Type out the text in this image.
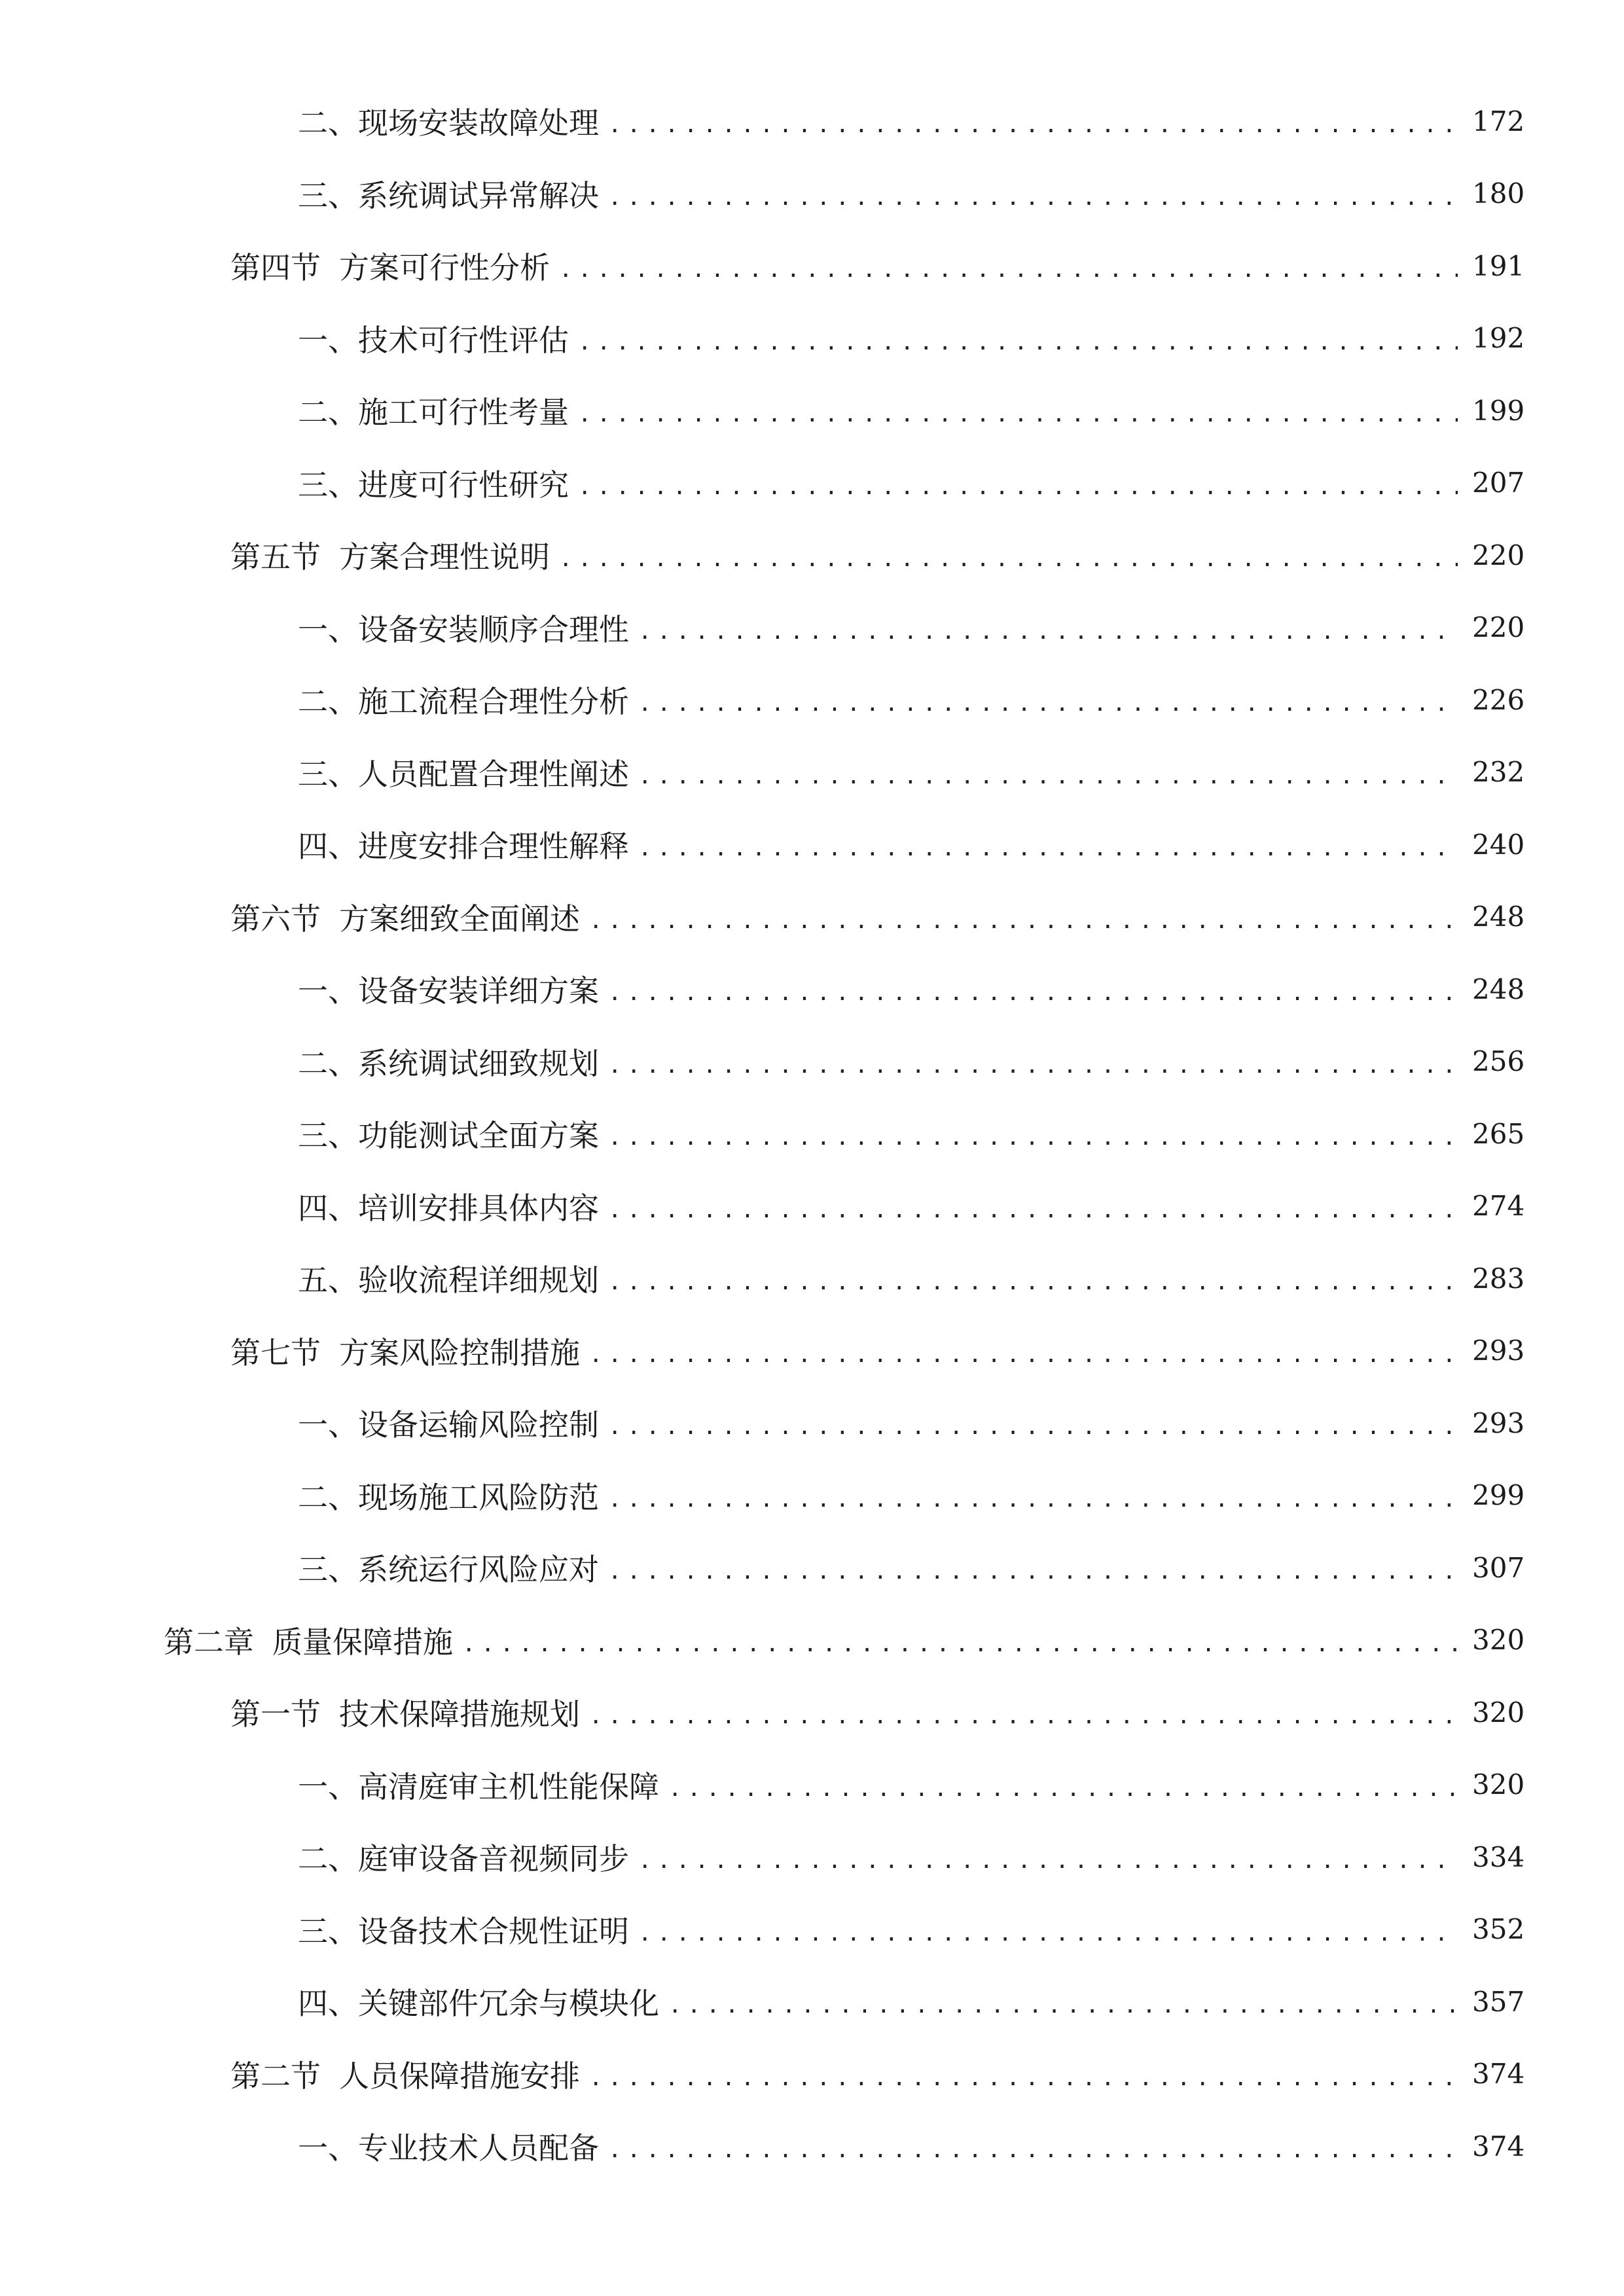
二、 现场安装故障处理 .....	172
三、 系统调试异常解决 .....	180
第四节 方案可行性分析 .....	191
一、 技术可行性评估 .....	192
二、 施工可行性考量 .....	199
三、 进度可行性研究 .....	207
第五节 方案合理性说明 .....	220
一、 设备安装顺序合理性 .....	220
二、 施工流程合理性分析 .....	226
三、 人员配置合理性阐述 .....	232
四、 进度安排合理性解释 .....	240
第六节 方案细致全面阐述 .....	248
一、 设备安装详细方案 .....	248
二、 系统调试细致规划 .....	256
三、 功能测试全面方案 .....	265
四、 培训安排具体内容 .....	274
五、 验收流程详细规划 .....	283
第七节 方案风险控制措施 .....	293
一、 设备运输风险控制 .....	293
二、 现场施工风险防范 .....	299
三、 系统运行风险应对 .....	307
第二章 质量保障措施 .....	320
第一节 技术保障措施规划 .....	320
一、 高清庭审主机性能保障 .....	320
二、 庭审设备音视频同步 .....	334
三、 设备技术合规性证明 .....	352
四、 关键部件冗余与模块化 .....	357
第二节 人员保障措施安排 .....	374
一、 专业技术人员配备 .....	374
